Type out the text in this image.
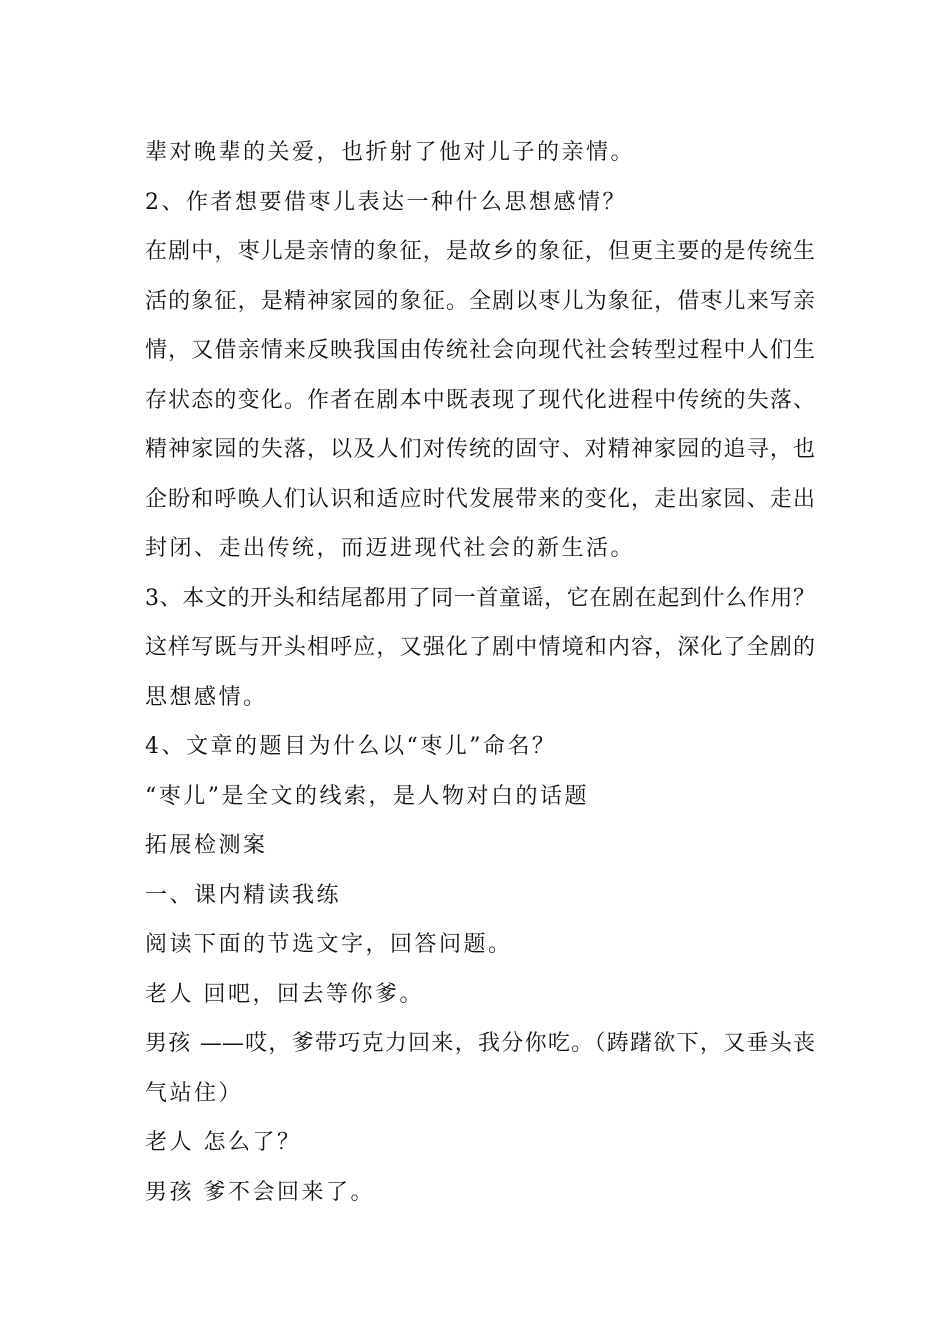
辈对晚辈的关爱，也折射了他对儿子的亲情。
2、作者想要借枣儿表达一种什么思想感情？
在剧中，枣儿是亲情的象征，是故乡的象征，但更主要的是传统生
活的象征，是精神家园的象征。全剧以枣儿为象征，借枣儿来写亲
情，又借亲情来反映我国由传统社会向现代社会转型过程中人们生
存状态的变化。作者在剧本中既表现了现代化进程中传统的失落、
精神家园的失落，以及人们对传统的固守、对精神家园的追寻，也
企盼和呼唤人们认识和适应时代发展带来的变化，走出家园、走出
封闭、走出传统，而迈进现代社会的新生活。
3、本文的开头和结尾都用了同一首童谣，它在剧在起到什么作用？
这样写既与开头相呼应，又强化了剧中情境和内容，深化了全剧的
思想感情。
4、文章的题目为什么以“枣儿”命名？
“枣儿”是全文的线索，是人物对白的话题
拓展检测案
一、课内精读我练
阅读下面的节选文字，回答问题。
老人 回吧，回去等你爹。
男孩 ——哎，爹带巧克力回来，我分你吃。（踌躇欲下，又垂头丧
气站住）
老人 怎么了？
男孩 爹不会回来了。
